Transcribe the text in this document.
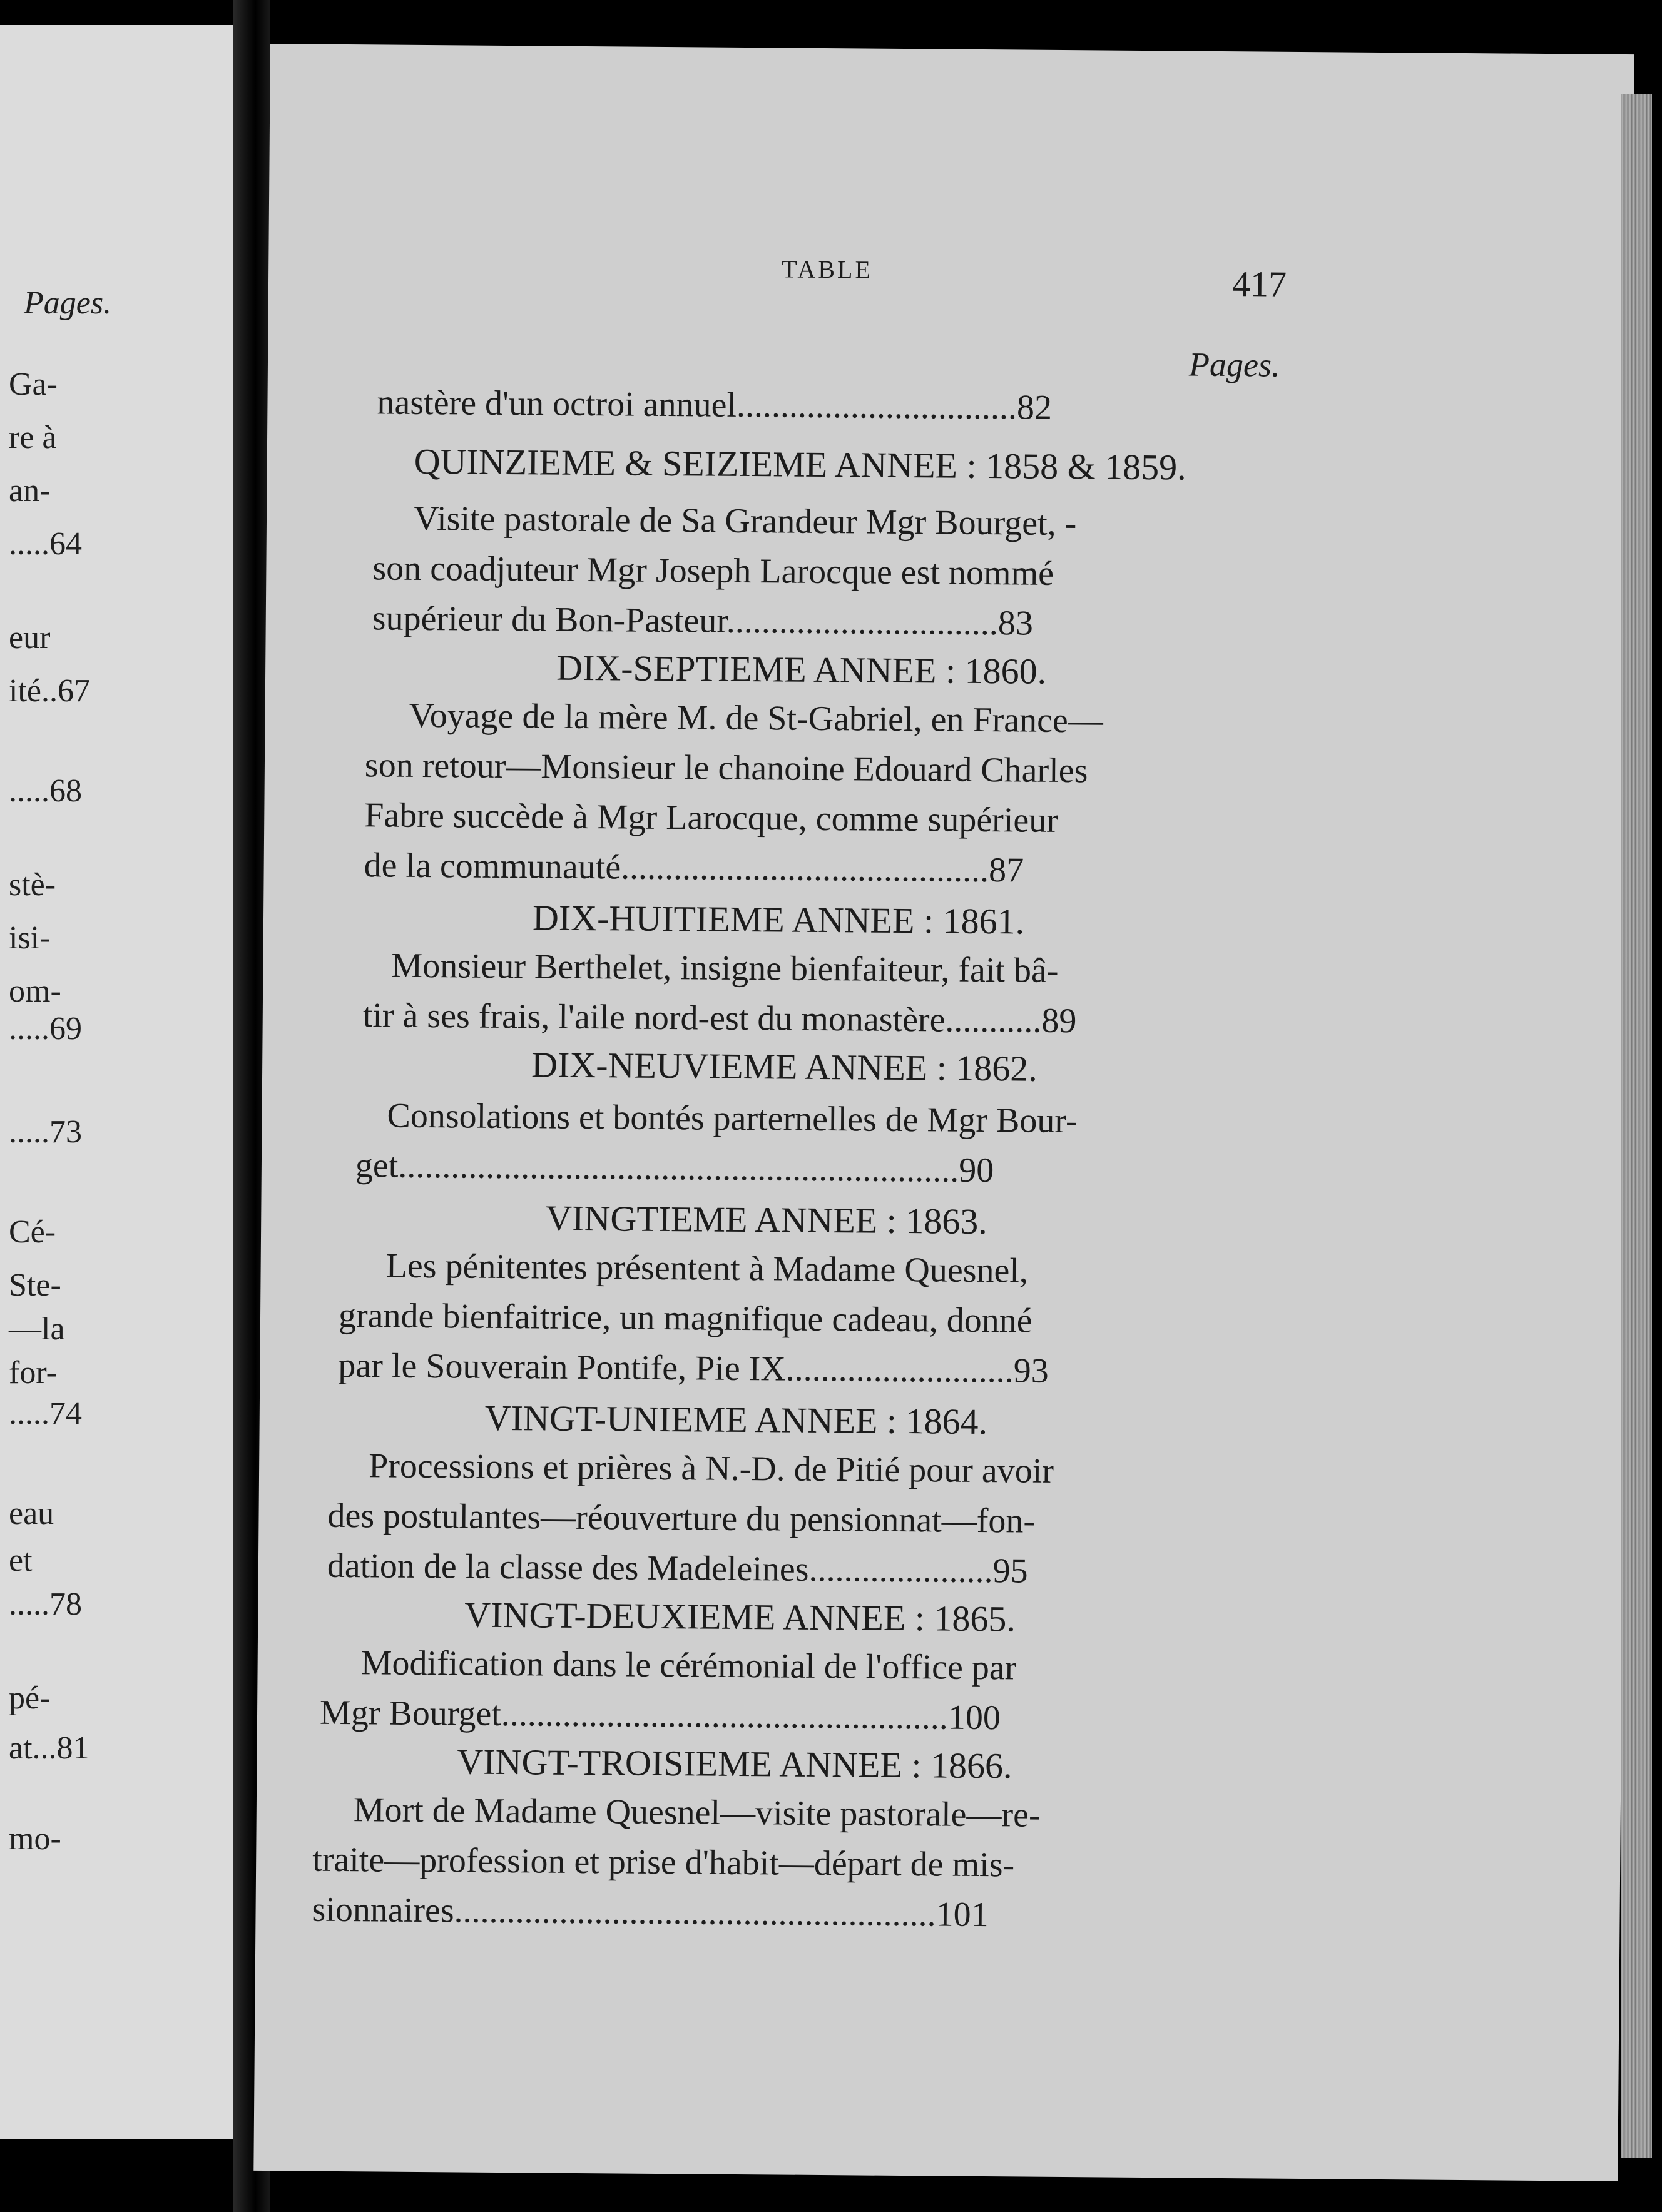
Pages.
Ga-
re à
an-
.....64
eur
ité..67
.....68
stè-
isi-
om-
.....69
.....73
Cé-
Ste-
—la
for-
.....74
eau
et
.....78
pé-
at...81
mo-
TABLE	417
Pages.
nastère d'un octroi annuel................................82
QUINZIEME & SEIZIEME ANNEE : 1858 & 1859.
Visite pastorale de Sa Grandeur Mgr Bourget, -
son coadjuteur Mgr Joseph Larocque est nommé
supérieur du Bon-Pasteur...............................83
DIX-SEPTIEME ANNEE : 1860.
Voyage de la mère M. de St-Gabriel, en France—
son retour—Monsieur le chanoine Edouard Charles
Fabre succède à Mgr Larocque, comme supérieur
de la communauté..........................................87
DIX-HUITIEME ANNEE : 1861.
Monsieur Berthelet, insigne bienfaiteur, fait bâ-
tir à ses frais, l'aile nord-est du monastère...........89
DIX-NEUVIEME ANNEE : 1862.
Consolations et bontés parternelles de Mgr Bour-
get................................................................90
VINGTIEME ANNEE : 1863.
Les pénitentes présentent à Madame Quesnel,
grande bienfaitrice, un magnifique cadeau, donné
par le Souverain Pontife, Pie IX..........................93
VINGT-UNIEME ANNEE : 1864.
Processions et prières à N.-D. de Pitié pour avoir
des postulantes—réouverture du pensionnat—fon-
dation de la classe des Madeleines.....................95
VINGT-DEUXIEME ANNEE : 1865.
Modification dans le cérémonial de l'office par
Mgr Bourget...................................................100
VINGT-TROISIEME ANNEE : 1866.
Mort de Madame Quesnel—visite pastorale—re-
traite—profession et prise d'habit—départ de mis-
sionnaires.......................................................101
